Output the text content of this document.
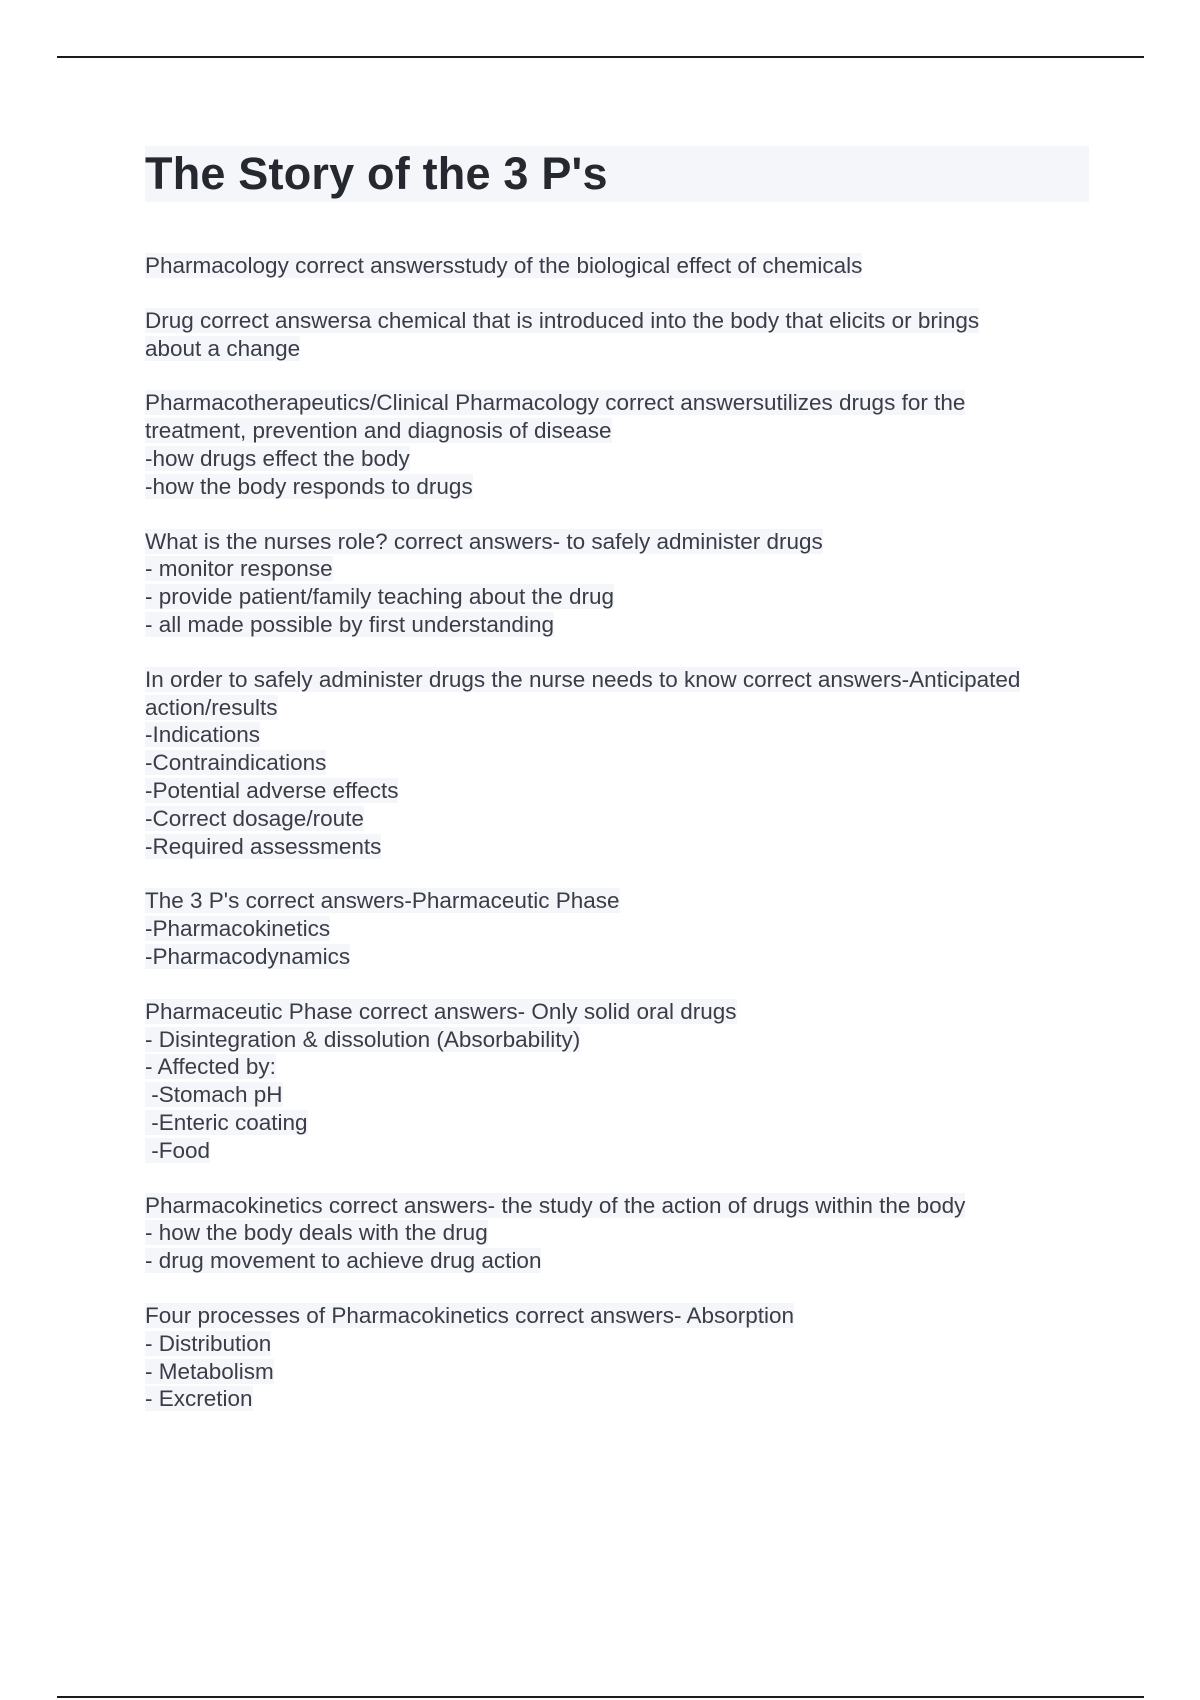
The Story of the 3 P's

Pharmacology correct answersstudy of the biological effect of chemicals

Drug correct answersa chemical that is introduced into the body that elicits or brings
about a change

Pharmacotherapeutics/Clinical Pharmacology correct answersutilizes drugs for the
treatment, prevention and diagnosis of disease
-how drugs effect the body
-how the body responds to drugs

What is the nurses role? correct answers- to safely administer drugs
- monitor response
- provide patient/family teaching about the drug
- all made possible by first understanding

In order to safely administer drugs the nurse needs to know correct answers-Anticipated
action/results
-Indications
-Contraindications
-Potential adverse effects
-Correct dosage/route
-Required assessments

The 3 P's correct answers-Pharmaceutic Phase
-Pharmacokinetics
-Pharmacodynamics

Pharmaceutic Phase correct answers- Only solid oral drugs
- Disintegration & dissolution (Absorbability)
- Affected by:
-Stomach pH
-Enteric coating
-Food

Pharmacokinetics correct answers- the study of the action of drugs within the body
- how the body deals with the drug
- drug movement to achieve drug action

Four processes of Pharmacokinetics correct answers- Absorption
- Distribution
- Metabolism
- Excretion
